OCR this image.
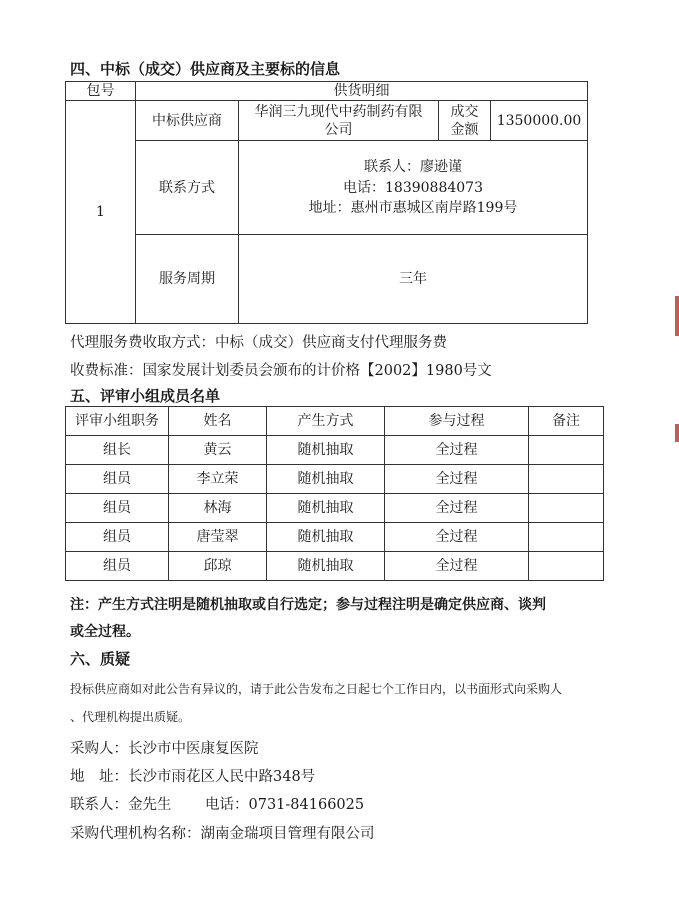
四、中标（成交）供应商及主要标的信息
包号	供货明细			
1	中标供应商	华润三九现代中药制药有限公司	成交金额	1350000.00
	联系方式	联系人：廖逊谨
电话：18390884073
地址：惠州市惠城区南岸路199号		

	服务周期	三年		
代理服务费收取方式：中标（成交）供应商支付代理服务费
收费标准：国家发展计划委员会颁布的计价格【2002】1980号文
五、评审小组成员名单
评审小组职务	姓名	产生方式	参与过程	备注
组长	黄云	随机抽取	全过程	
组员	李立荣	随机抽取	全过程	
组员	林海	随机抽取	全过程	
组员	唐莹翠	随机抽取	全过程	
组员	邱琼	随机抽取	全过程	
注：产生方式注明是随机抽取或自行选定；参与过程注明是确定供应商、谈判
或全过程。
六、质疑
投标供应商如对此公告有异议的，请于此公告发布之日起七个工作日内，以书面形式向采购人
、代理机构提出质疑。
采购人：长沙市中医康复医院
地　址：长沙市雨花区人民中路348号
联系人：金先生 电话：0731-84166025
采购代理机构名称：湖南金瑞项目管理有限公司
